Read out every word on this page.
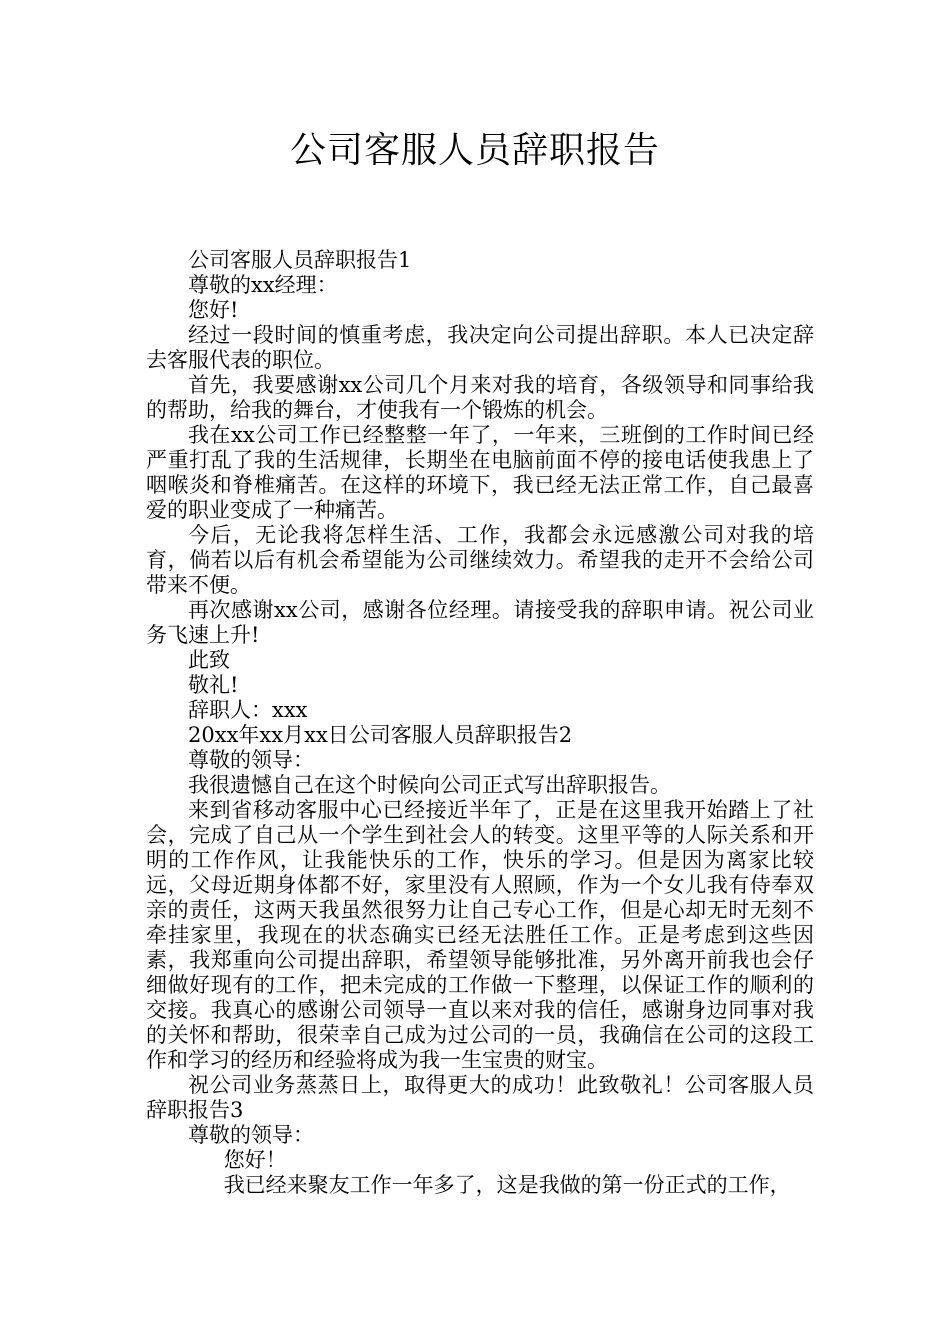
公司客服人员辞职报告

公司客服人员辞职报告1

尊敬的xx经理：

您好!

经过一段时间的慎重考虑，我决定向公司提出辞职。本人已决定辞去客服代表的职位。

首先，我要感谢xx公司几个月来对我的培育，各级领导和同事给我的帮助，给我的舞台，才使我有一个锻炼的机会。

我在xx公司工作已经整整一年了，一年来，三班倒的工作时间已经严重打乱了我的生活规律，长期坐在电脑前面不停的接电话使我患上了咽喉炎和脊椎痛苦。在这样的环境下，我已经无法正常工作，自己最喜爱的职业变成了一种痛苦。

今后，无论我将怎样生活、工作，我都会永远感激公司对我的培育，倘若以后有机会希望能为公司继续效力。希望我的走开不会给公司带来不便。

再次感谢xx公司，感谢各位经理。请接受我的辞职申请。祝公司业务飞速上升!

此致

敬礼!

辞职人：xxx

20xx年xx月xx日公司客服人员辞职报告2

尊敬的领导：

我很遗憾自己在这个时候向公司正式写出辞职报告。

来到省移动客服中心已经接近半年了，正是在这里我开始踏上了社会，完成了自己从一个学生到社会人的转变。这里平等的人际关系和开明的工作作风，让我能快乐的工作，快乐的学习。但是因为离家比较远，父母近期身体都不好，家里没有人照顾，作为一个女儿我有侍奉双亲的责任，这两天我虽然很努力让自己专心工作，但是心却无时无刻不牵挂家里，我现在的状态确实已经无法胜任工作。正是考虑到这些因素，我郑重向公司提出辞职，希望领导能够批准，另外离开前我也会仔细做好现有的工作，把未完成的工作做一下整理，以保证工作的顺利的交接。我真心的感谢公司领导一直以来对我的信任，感谢身边同事对我的关怀和帮助，很荣幸自己成为过公司的一员，我确信在公司的这段工作和学习的经历和经验将成为我一生宝贵的财宝。

祝公司业务蒸蒸日上，取得更大的成功！此致敬礼！公司客服人员辞职报告3

尊敬的领导：

您好！

我已经来聚友工作一年多了，这是我做的第一份正式的工作，
